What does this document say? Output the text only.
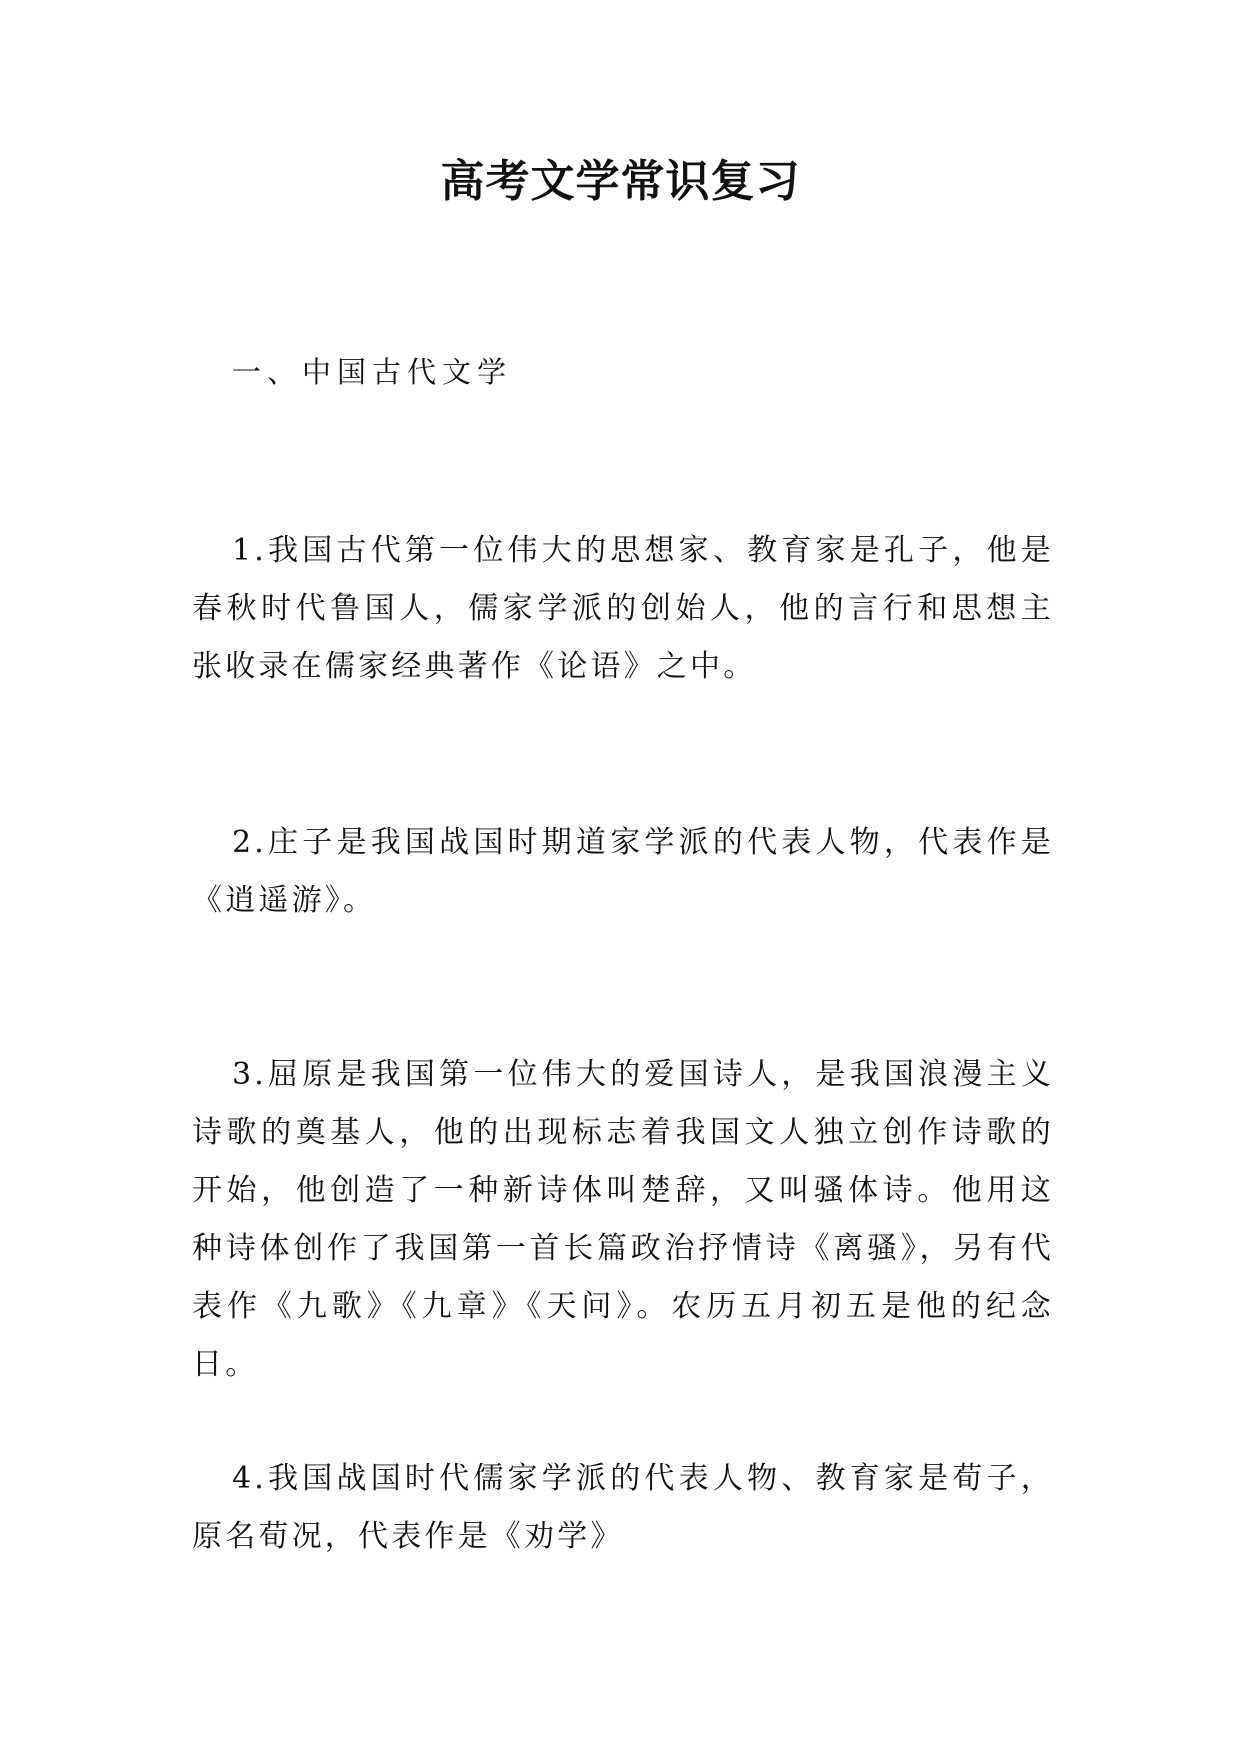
高考文学常识复习

一、中国古代文学

1.我国古代第一位伟大的思想家、教育家是孔子，他是春秋时代鲁国人，儒家学派的创始人，他的言行和思想主张收录在儒家经典著作《论语》之中。

2.庄子是我国战国时期道家学派的代表人物，代表作是《逍遥游》。

3.屈原是我国第一位伟大的爱国诗人，是我国浪漫主义诗歌的奠基人，他的出现标志着我国文人独立创作诗歌的开始，他创造了一种新诗体叫楚辞，又叫骚体诗。他用这种诗体创作了我国第一首长篇政治抒情诗《离骚》，另有代表作《九歌》《九章》《天问》。农历五月初五是他的纪念日。

4.我国战国时代儒家学派的代表人物、教育家是荀子，原名荀况，代表作是《劝学》
